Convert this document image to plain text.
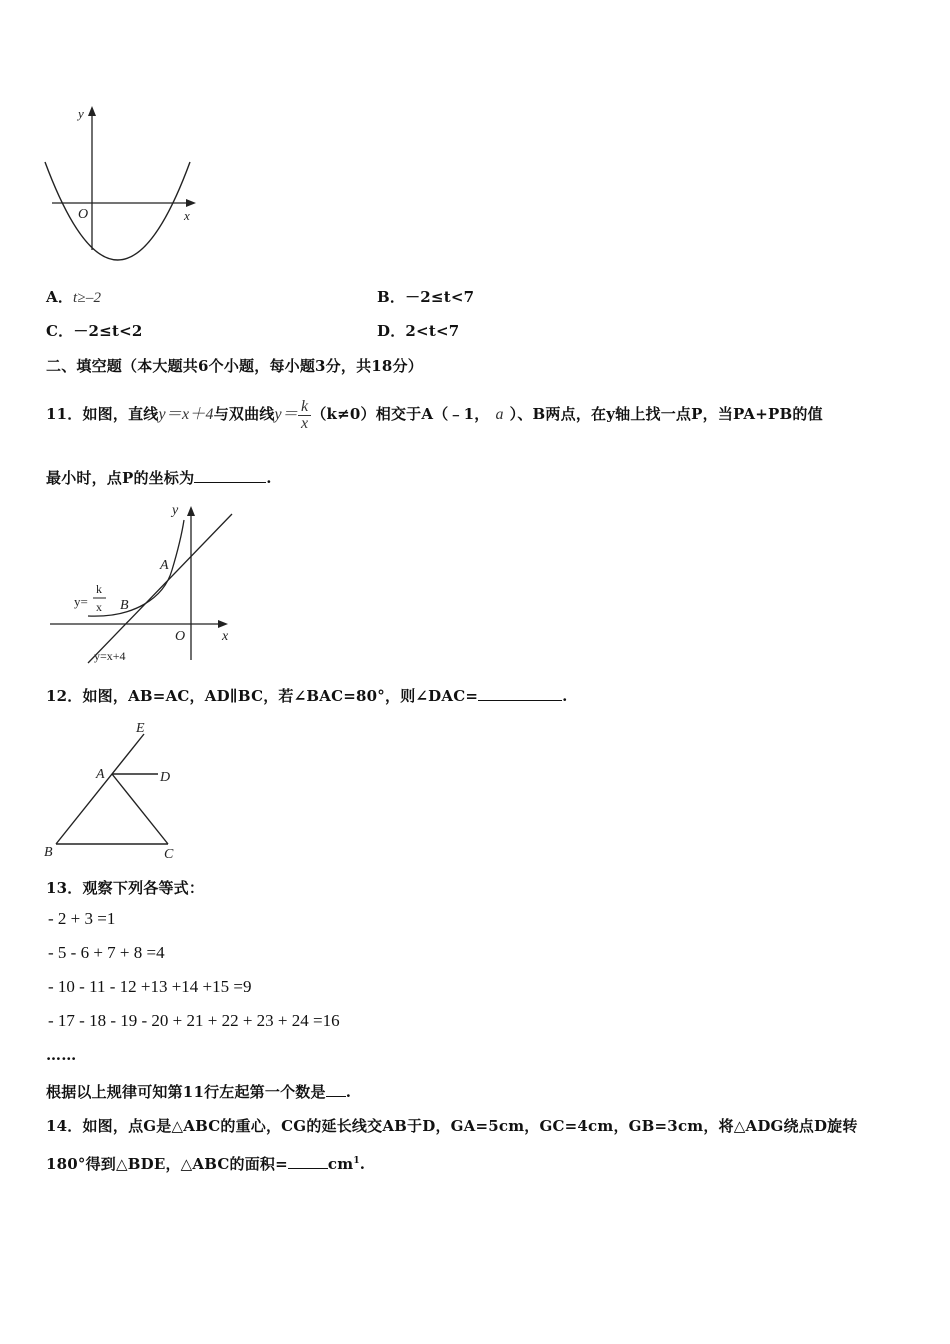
y
x
O
A．t≥–2	B．－2≤t<7
C．－2≤t<2	D．2<t<7
二、填空题（本大题共6个小题，每小题3分，共18分）
11．如图，直线y＝x＋4与双曲线$y= \frac{k}{x} (k\ne 0)$相交于A（﹣1， a ）、B两点，在y轴上找一点P，当PA+PB的值
最小时，点P的坐标为	.
y
x
O
A
B
y=
k
x
y=x+4
12．如图，AB=AC，AD∥BC，若∠BAC=80°，则∠DAC=	.
E
A	D
B	C
13．观察下列各等式：
- 2 + 3 =1
- 5 - 6 + 7 + 8 =4
- 10 - 11 - 12 +13 +14 +15 =9
- 17 - 18 - 19 - 20 + 21 + 22 + 23 + 24 =16
……
根据以上规律可知第11行左起第一个数是 .
14．如图，点G是△ABC的重心，CG的延长线交AB于D，GA=5cm，GC=4cm，GB=3cm，将△ADG绕点D旋转
180°得到△BDE，△ABC的面积=	$cm^1$.
